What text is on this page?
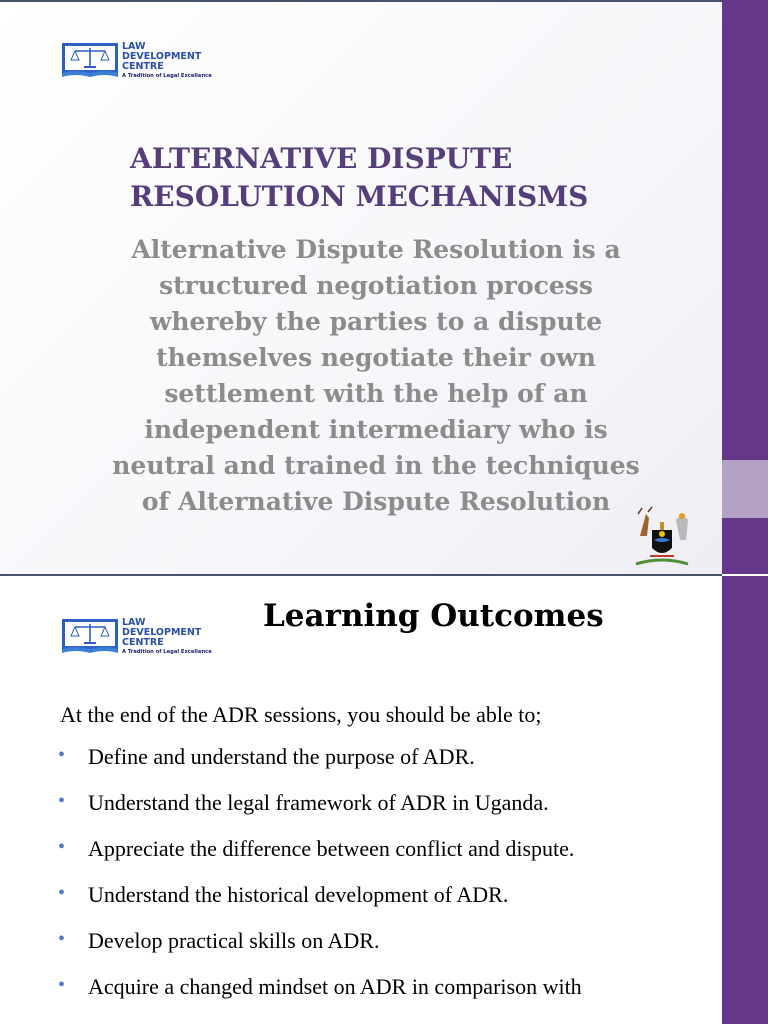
LAW
DEVELOPMENT
CENTRE
A Tradition of Legal Excellence
ALTERNATIVE DISPUTE
RESOLUTION MECHANISMS
Alternative Dispute Resolution is a
structured negotiation process
whereby the parties to a dispute
themselves negotiate their own
settlement with the help of an
independent intermediary who is
neutral and trained in the techniques
of Alternative Dispute Resolution
LAW
DEVELOPMENT
CENTRE
A Tradition of Legal Excellence
Learning Outcomes

At the end of the ADR sessions, you should be able to;

• Define and understand the purpose of ADR.
• Understand the legal framework of ADR in Uganda.
• Appreciate the difference between conflict and dispute.
• Understand the historical development of ADR.
• Develop practical skills on ADR.
• Acquire a changed mindset on ADR in comparison with
